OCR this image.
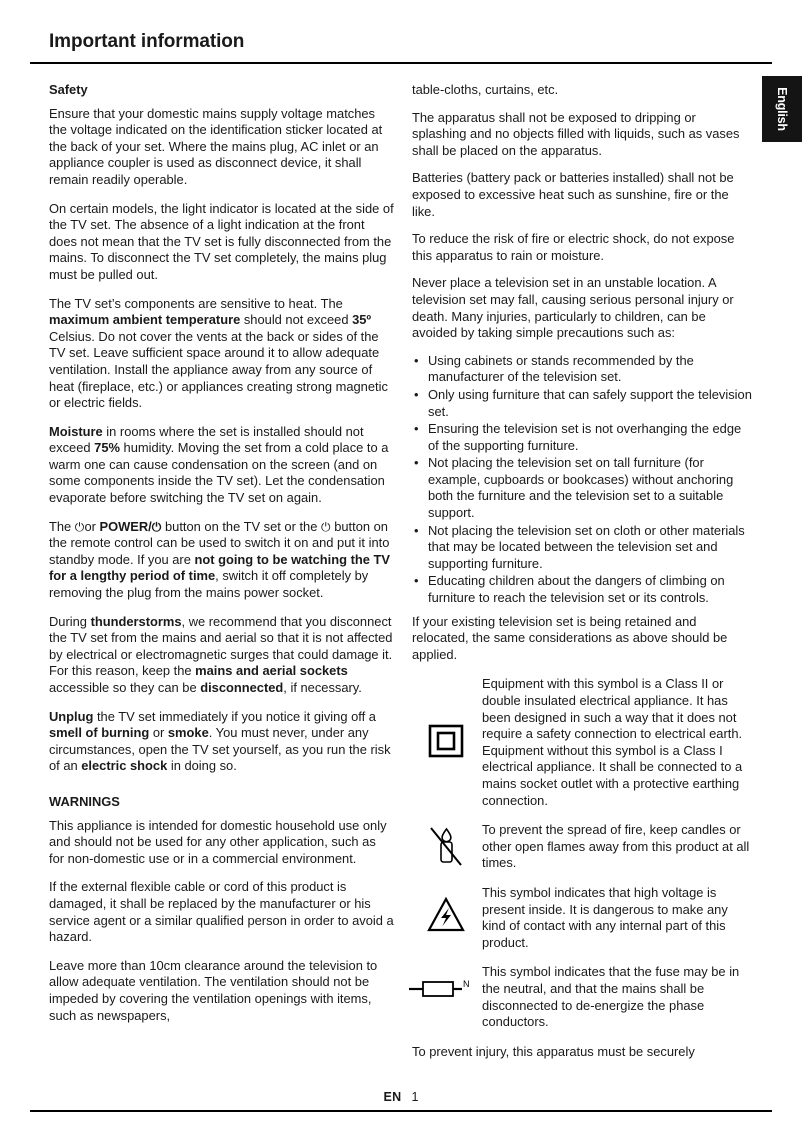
Important information
English
Safety

Ensure that your domestic mains supply voltage matches the voltage indicated on the identification sticker located at the back of your set. Where the mains plug, AC inlet or an appliance coupler is used as disconnect device, it shall remain readily operable.

On certain models, the light indicator is located at the side of the TV set. The absence of a light indication at the front does not mean that the TV set is fully disconnected from the mains. To disconnect the TV set completely, the mains plug must be pulled out.

The TV set’s components are sensitive to heat. The maximum ambient temperature should not exceed 35º Celsius. Do not cover the vents at the back or sides of the TV set. Leave sufficient space around it to allow adequate ventilation. Install the appliance away from any source of heat (fireplace, etc.) or appliances creating strong magnetic or electric fields.

Moisture in rooms where the set is installed should not exceed 75% humidity. Moving the set from a cold place to a warm one can cause condensation on the screen (and on some components inside the TV set). Let the condensation evaporate before switching the TV set on again.

The ⏻or POWER/⏻ button on the TV set or the ⏻ button on the remote control can be used to switch it on and put it into standby mode. If you are not going to be watching the TV for a lengthy period of time, switch it off completely by removing the plug from the mains power socket.

During thunderstorms, we recommend that you disconnect the TV set from the mains and aerial so that it is not affected by electrical or electromagnetic surges that could damage it. For this reason, keep the mains and aerial sockets accessible so they can be disconnected, if necessary.

Unplug the TV set immediately if you notice it giving off a smell of burning or smoke. You must never, under any circumstances, open the TV set yourself, as you run the risk of an electric shock in doing so.

WARNINGS

This appliance is intended for domestic household use only and should not be used for any other application, such as for non-domestic use or in a commercial environment.

If the external flexible cable or cord of this product is damaged, it shall be replaced by the manufacturer or his service agent or a similar qualified person in order to avoid a hazard.

Leave more than 10cm clearance around the television to allow adequate ventilation. The ventilation should not be impeded by covering the ventilation openings with items, such as newspapers,

table-cloths, curtains, etc.

The apparatus shall not be exposed to dripping or splashing and no objects filled with liquids, such as vases shall be placed on the apparatus.

Batteries (battery pack or batteries installed) shall not be exposed to excessive heat such as sunshine, fire or the like.

To reduce the risk of fire or electric shock, do not expose this apparatus to rain or moisture.

Never place a television set in an unstable location. A television set may fall, causing serious personal injury or death. Many injuries, particularly to children, can be avoided by taking simple precautions such as:

• Using cabinets or stands recommended by the manufacturer of the television set.
• Only using furniture that can safely support the television set.
• Ensuring the television set is not overhanging the edge of the supporting furniture.
• Not placing the television set on tall furniture (for example, cupboards or bookcases) without anchoring both the furniture and the television set to a suitable support.
• Not placing the television set on cloth or other materials that may be located between the television set and supporting furniture.
• Educating children about the dangers of climbing on furniture to reach the television set or its controls.

If your existing television set is being retained and relocated, the same considerations as above should be applied.

Equipment with this symbol is a Class II or double insulated electrical appliance. It has been designed in such a way that it does not require a safety connection to electrical earth.
Equipment without this symbol is a Class I electrical appliance. It shall be connected to a mains socket outlet with a protective earthing connection.
To prevent the spread of fire, keep candles or other open flames away from this product at all times.
This symbol indicates that high voltage is present inside. It is dangerous to make any kind of contact with any internal part of this product.
N
This symbol indicates that the fuse may be in the neutral, and that the mains shall be disconnected to de-energize the phase conductors.

To prevent injury, this apparatus must be securely

EN 1
